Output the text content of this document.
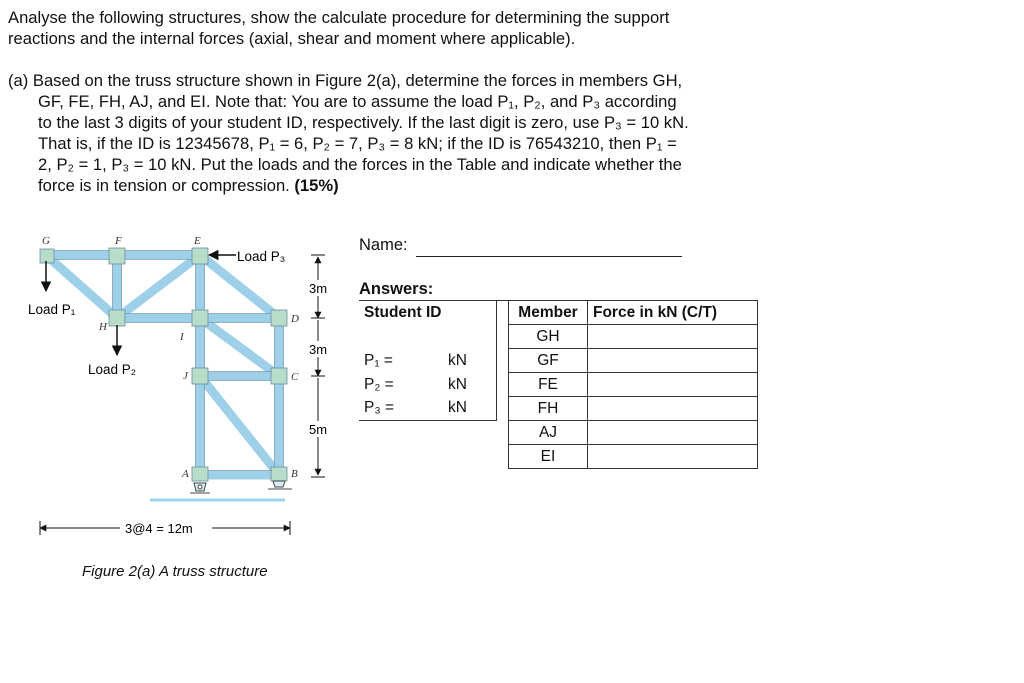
Analyse the following structures, show the calculate procedure for determining the support
reactions and the internal forces (axial, shear and moment where applicable).
(a) Based on the truss structure shown in Figure 2(a), determine the forces in members GH,
GF, FE, FH, AJ, and EI. Note that: You are to assume the load P₁, P₂, and P₃ according
to the last 3 digits of your student ID, respectively. If the last digit is zero, use P₃ = 10 kN.
That is, if the ID is 12345678, P₁ = 6, P₂ = 7, P₃ = 8 kN; if the ID is 76543210, then P₁ =
2, P₂ = 1, P₃ = 10 kN. Put the loads and the forces in the Table and indicate whether the
force is in tension or compression. (15%)
G	F	E
H
I
D
J	C
A	B
Load P₁
Load P₂
Load P₃
3m
3m
5m
3@4 = 12m

Figure 2(a) A truss structure

Name:

Answers:

Student ID		Member	Force in kN (C/T)
		GH	
P₁ = kN		GF	
P₂ = kN		FE	
P₃ = kN		FH	
		AJ	
		EI	
